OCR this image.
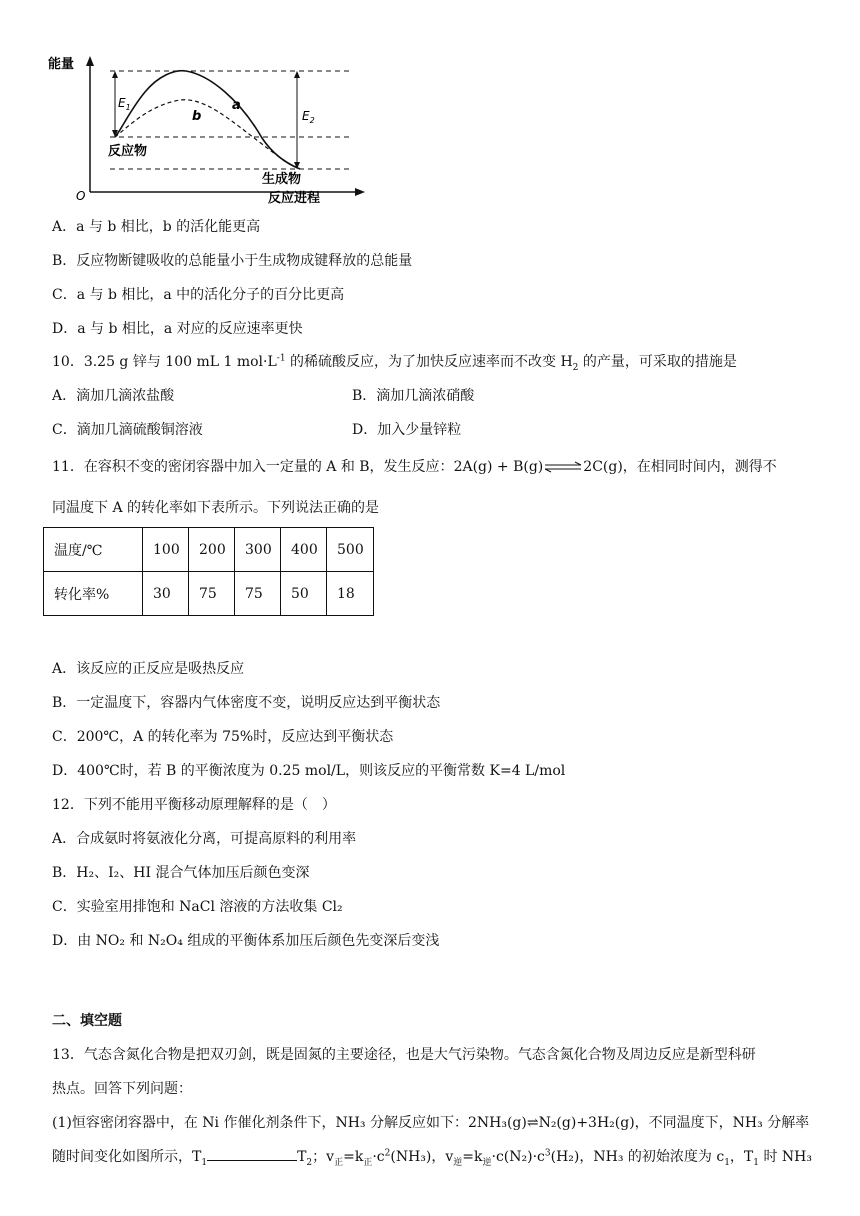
能量
反应进程
O
反应物
生成物
$E_1$
$E_2$
a
b
A．a 与 b 相比，b 的活化能更高
B．反应物断键吸收的总能量小于生成物成键释放的总能量
C．a 与 b 相比，a 中的活化分子的百分比更高
D．a 与 b 相比，a 对应的反应速率更快
10．3.25 g 锌与 100 mL 1 $mol\cdot L^{-1}$ 的稀硫酸反应，为了加快反应速率而不改变 $H_2$ 的产量，可采取的措施是
A．滴加几滴浓盐酸	B．滴加几滴浓硝酸
C．滴加几滴硫酸铜溶液	D．加入少量锌粒
11．在容积不变的密闭容器中加入一定量的 A 和 B，发生反应：2A(g) + B(g)⇌2C(g)，在相同时间内，测得不
同温度下 A 的转化率如下表所示。下列说法正确的是
温度/℃	100	200	300	400	500
转化率%	30	75	75	50	18
A．该反应的正反应是吸热反应
B．一定温度下，容器内气体密度不变，说明反应达到平衡状态
C．200℃，A 的转化率为 75%时，反应达到平衡状态
D．400℃时，若 B 的平衡浓度为 0.25 mol/L，则该反应的平衡常数 K=4 L/mol
12．下列不能用平衡移动原理解释的是（　）
A．合成氨时将氨液化分离，可提高原料的利用率
B．H₂、I₂、HI 混合气体加压后颜色变深
C．实验室用排饱和 NaCl 溶液的方法收集 Cl₂
D．由 NO₂ 和 N₂O₄ 组成的平衡体系加压后颜色先变深后变浅
二、填空题
13．气态含氮化合物是把双刃剑，既是固氮的主要途径，也是大气污染物。气态含氮化合物及周边反应是新型科研
热点。回答下列问题：
(1)恒容密闭容器中，在 Ni 作催化剂条件下，NH₃ 分解反应如下：2NH₃(g)⇌N₂(g)+3H₂(g)，不同温度下，NH₃ 分解率
随时间变化如图所示，$T_1$	$T_2$；$v_正=k_正\cdot c^2(NH_3)$，$v_逆=k_逆\cdot c(N_2)\cdot c^3(H_2)$，NH₃ 的初始浓度为 $c_1$，$T_1$ 时 NH₃
